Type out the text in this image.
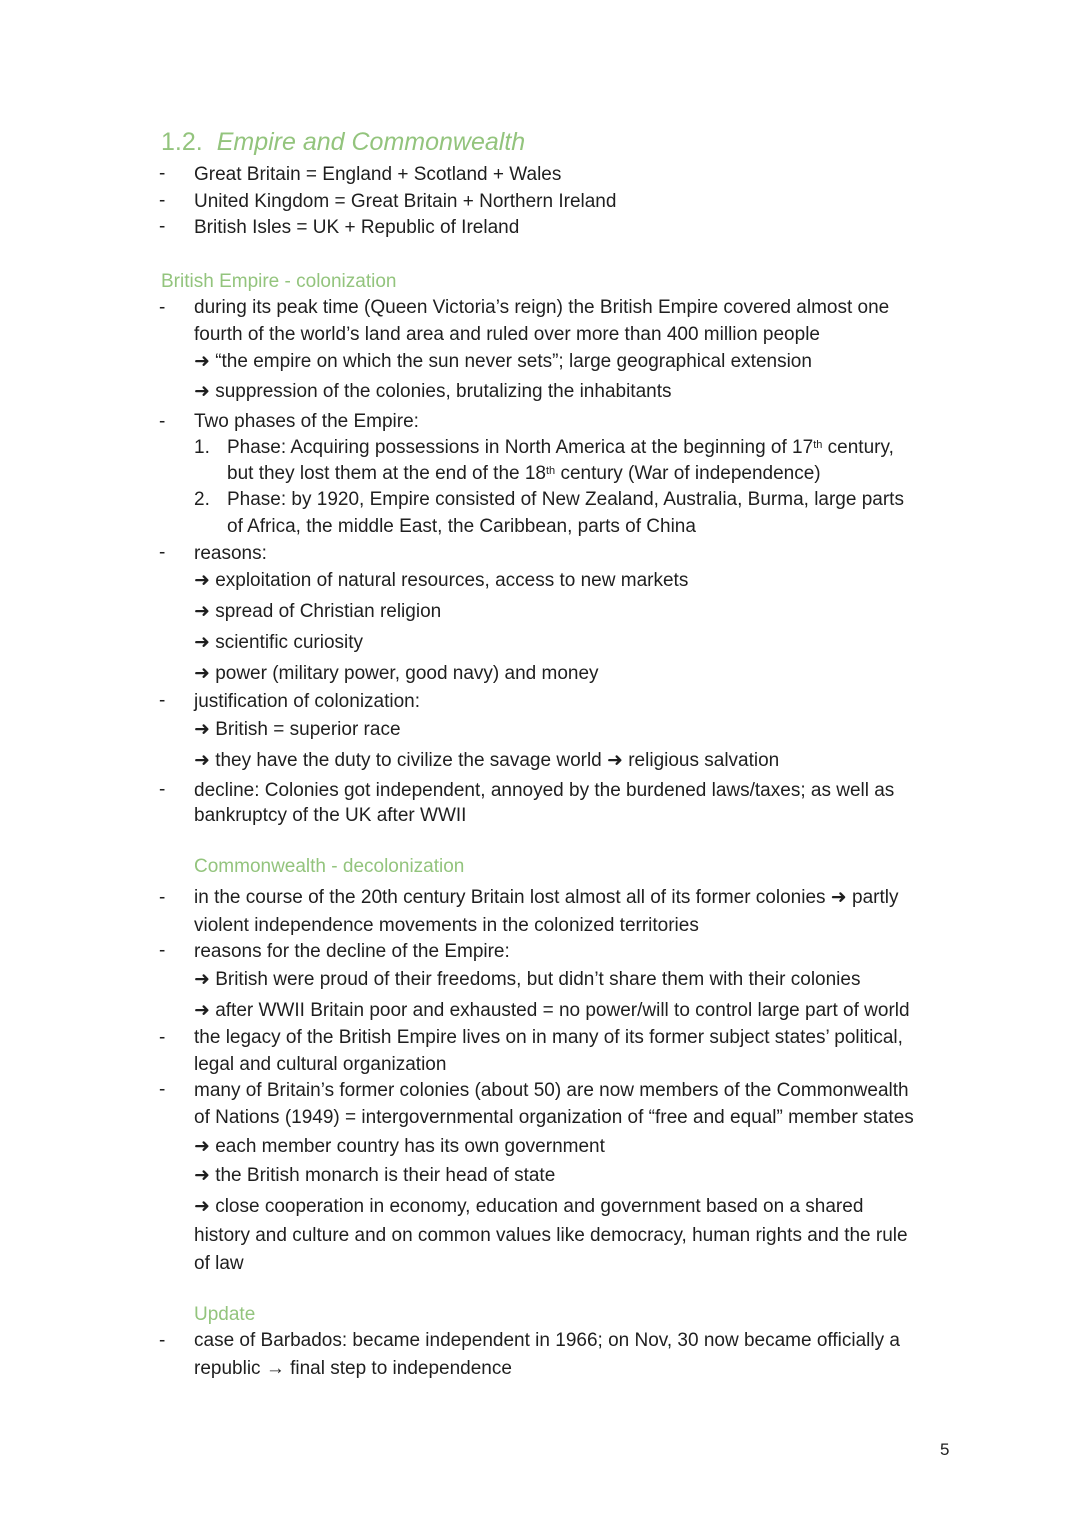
1.2. Empire and Commonwealth
- Great Britain = England + Scotland + Wales
- United Kingdom = Great Britain + Northern Ireland
- British Isles = UK + Republic of Ireland
British Empire - colonization
- during its peak time (Queen Victoria’s reign) the British Empire covered almost one
fourth of the world’s land area and ruled over more than 400 million people
➜ “the empire on which the sun never sets”; large geographical extension
➜ suppression of the colonies, brutalizing the inhabitants
- Two phases of the Empire:
1. Phase: Acquiring possessions in North America at the beginning of 17th century,
but they lost them at the end of the 18th century (War of independence)
2. Phase: by 1920, Empire consisted of New Zealand, Australia, Burma, large parts
of Africa, the middle East, the Caribbean, parts of China
- reasons:
➜ exploitation of natural resources, access to new markets
➜ spread of Christian religion
➜ scientific curiosity
➜ power (military power, good navy) and money
- justification of colonization:
➜ British = superior race
➜ they have the duty to civilize the savage world ➜ religious salvation
- decline: Colonies got independent, annoyed by the burdened laws/taxes; as well as
bankruptcy of the UK after WWII
Commonwealth - decolonization
- in the course of the 20th century Britain lost almost all of its former colonies ➜ partly
violent independence movements in the colonized territories
- reasons for the decline of the Empire:
➜ British were proud of their freedoms, but didn’t share them with their colonies
➜ after WWII Britain poor and exhausted = no power/will to control large part of world
- the legacy of the British Empire lives on in many of its former subject states’ political,
legal and cultural organization
- many of Britain’s former colonies (about 50) are now members of the Commonwealth
of Nations (1949) = intergovernmental organization of “free and equal” member states
➜ each member country has its own government
➜ the British monarch is their head of state
➜ close cooperation in economy, education and government based on a shared
history and culture and on common values like democracy, human rights and the rule
of law
Update
- case of Barbados: became independent in 1966; on Nov, 30 now became officially a
republic → final step to independence
5
